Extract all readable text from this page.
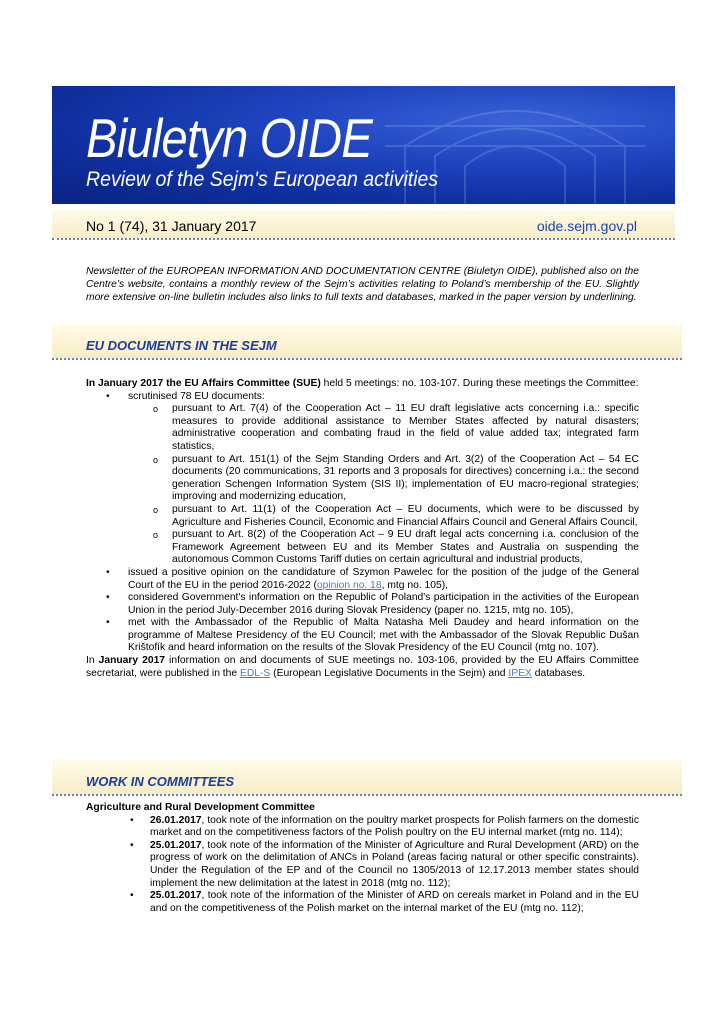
Biuletyn OIDE
Review of the Sejm's European activities
No 1 (74), 31 January 2017	oide.sejm.gov.pl
Newsletter of the EUROPEAN INFORMATION AND DOCUMENTATION CENTRE (Biuletyn OIDE), published also on the Centre’s website, contains a monthly review of the Sejm’s activities relating to Poland’s membership of the EU. Slightly more extensive on-line bulletin includes also links to full texts and databases, marked in the paper version by underlining.
EU DOCUMENTS IN THE SEJM

In January 2017 the EU Affairs Committee (SUE) held 5 meetings: no. 103-107. During these meetings the Committee:

• scrutinised 78 EU documents:
o pursuant to Art. 7(4) of the Cooperation Act – 11 EU draft legislative acts concerning i.a.: specific measures to provide additional assistance to Member States affected by natural disasters; administrative cooperation and combating fraud in the field of value added tax; integrated farm statistics,
o pursuant to Art. 151(1) of the Sejm Standing Orders and Art. 3(2) of the Cooperation Act – 54 EC documents (20 communications, 31 reports and 3 proposals for directives) concerning i.a.: the second generation Schengen Information System (SIS II); implementation of EU macro-regional strategies; improving and modernizing education,
o pursuant to Art. 11(1) of the Cooperation Act – EU documents, which were to be discussed by Agriculture and Fisheries Council, Economic and Financial Affairs Council and General Affairs Council,
o pursuant to Art. 8(2) of the Cooperation Act – 9 EU draft legal acts concerning i.a. conclusion of the Framework Agreement between EU and its Member States and Australia on suspending the autonomous Common Customs Tariff duties on certain agricultural and industrial products,
• issued a positive opinion on the candidature of Szymon Pawelec for the position of the judge of the General Court of the EU in the period 2016-2022 (opinion no. 18, mtg no. 105),
• considered Government's information on the Republic of Poland's participation in the activities of the European Union in the period July-December 2016 during Slovak Presidency (paper no. 1215, mtg no. 105),
• met with the Ambassador of the Republic of Malta Natasha Meli Daudey and heard information on the programme of Maltese Presidency of the EU Council; met with the Ambassador of the Slovak Republic Dušan Krištofík and heard information on the results of the Slovak Presidency of the EU Council (mtg no. 107).

In January 2017 information on and documents of SUE meetings no. 103-106, provided by the EU Affairs Committee secretariat, were published in the EDL-S (European Legislative Documents in the Sejm) and IPEX databases.

WORK IN COMMITTEES

Agriculture and Rural Development Committee

• 26.01.2017, took note of the information on the poultry market prospects for Polish farmers on the domestic market and on the competitiveness factors of the Polish poultry on the EU internal market (mtg no. 114);
• 25.01.2017, took note of the information of the Minister of Agriculture and Rural Development (ARD) on the progress of work on the delimitation of ANCs in Poland (areas facing natural or other specific constraints). Under the Regulation of the EP and of the Council no 1305/2013 of 12.17.2013 member states should implement the new delimitation at the latest in 2018 (mtg no. 112);
• 25.01.2017, took note of the information of the Minister of ARD on cereals market in Poland and in the EU and on the competitiveness of the Polish market on the internal market of the EU (mtg no. 112);
